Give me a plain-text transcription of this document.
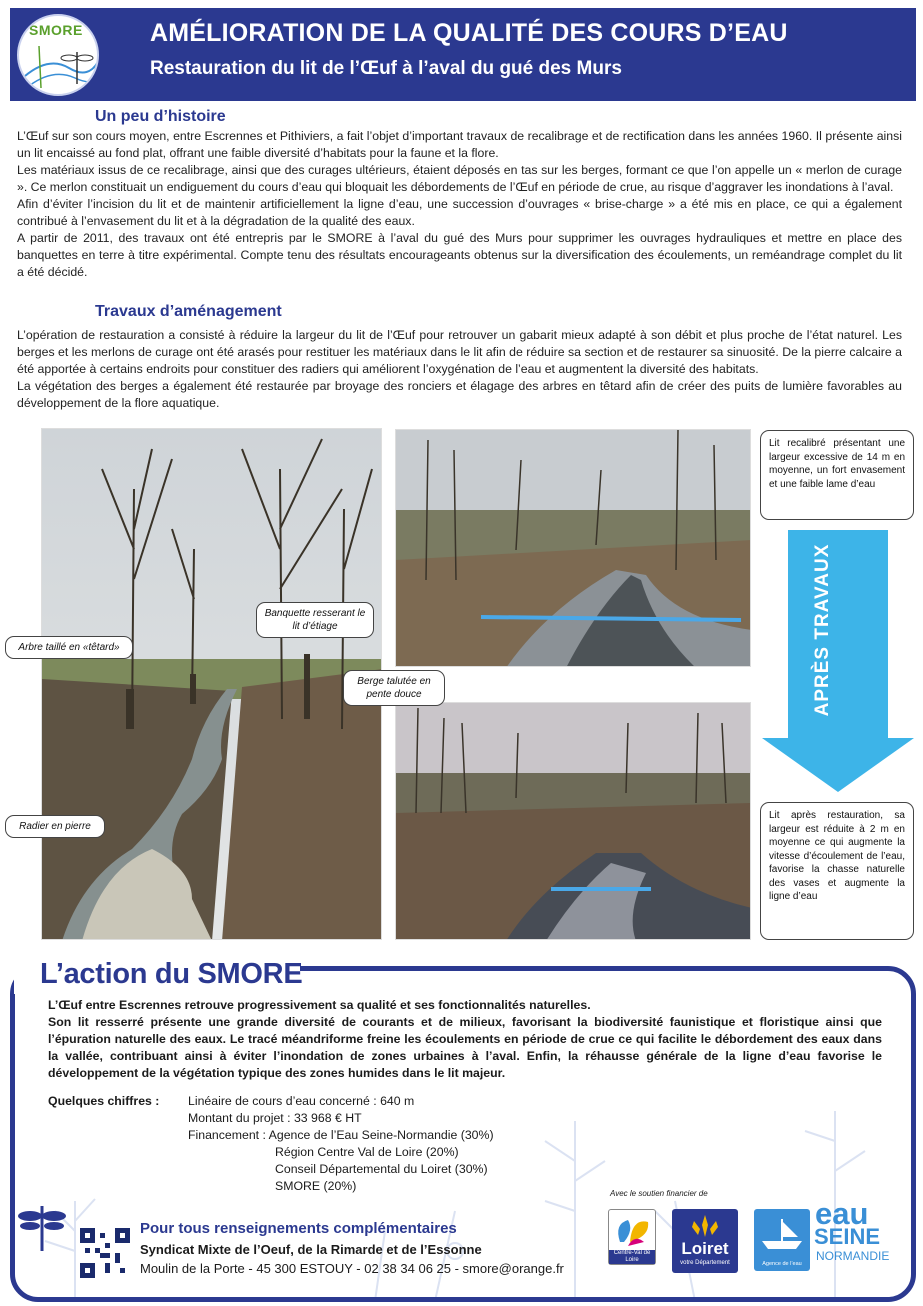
SMORE	AMÉLIORATION DE LA QUALITÉ DES COURS D’EAU
Restauration du lit de l’Œuf à l’aval du gué des Murs
Un peu d’histoire

L’Œuf sur son cours moyen, entre Escrennes et Pithiviers, a fait l’objet d’important travaux de recalibrage et de rectification dans les années 1960. Il présente ainsi un lit encaissé au fond plat, offrant une faible diversité d’habitats pour la faune et la flore.

Les matériaux issus de ce recalibrage, ainsi que des curages ultérieurs, étaient déposés en tas sur les berges, formant ce que l’on appelle un « merlon de curage ». Ce merlon constituait un endiguement du cours d’eau qui bloquait les débordements de l’Œuf en période de crue, au risque d’aggraver les inondations à l’aval.

Afin d’éviter l’incision du lit et de maintenir artificiellement la ligne d’eau, une succession d’ouvrages « brise-charge » a été mis en place, ce qui a également contribué à l’envasement du lit et à la dégradation de la qualité des eaux.

A partir de 2011, des travaux ont été entrepris par le SMORE à l’aval du gué des Murs pour supprimer les ouvrages hydrauliques et mettre en place des banquettes en terre à titre expérimental. Compte tenu des résultats encourageants obtenus sur la diversification des écoulements, un reméandrage complet du lit a été décidé.

Travaux d’aménagement

L’opération de restauration a consisté à réduire la largeur du lit de l’Œuf pour retrouver un gabarit mieux adapté à son débit et plus proche de l’état naturel. Les berges et les merlons de curage ont été arasés pour restituer les matériaux dans le lit afin de réduire sa section et de restaurer sa sinuosité. De la pierre calcaire a été apportée à certains endroits pour constituer des radiers qui améliorent l’oxygénation de l’eau et augmentent la diversité des habitats.

La végétation des berges a également été restaurée par broyage des ronciers et élagage des arbres en têtard afin de créer des puits de lumière favorables au développement de la flore aquatique.

Arbre taillé en «têtard»
Banquette resserant le lit d’étiage
Berge talutée en pente douce
Radier en pierre
Lit recalibré présentant une largeur excessive de 14 m en moyenne, un fort envasement et une faible lame d’eau
Lit après restauration, sa largeur est réduite à 2 m en moyenne ce qui augmente la vitesse d’écoulement de l’eau, favorise la chasse naturelle des vases et augmente la ligne d’eau
APRÈS TRAVAUX
L’action du SMORE

L’Œuf entre Escrennes retrouve progressivement sa qualité et ses fonctionnalités naturelles.

Son lit resserré présente une grande diversité de courants et de milieux, favorisant la biodiversité faunistique et floristique ainsi que l’épuration naturelle des eaux. Le tracé méandriforme freine les écoulements en période de crue ce qui facilite le débordement des eaux dans la vallée, contribuant ainsi à éviter l’inondation de zones urbaines à l’aval. Enfin, la réhausse générale de la ligne d’eau favorise le développement de la végétation typique des zones humides dans le lit majeur.

Quelques chiffres : Linéaire de cours d’eau concerné : 640 m
Montant du projet : 33 968 € HT
Financement : Agence de l’Eau Seine-Normandie (30%)
Région Centre Val de Loire (20%)
Conseil Départemental du Loiret (30%)
SMORE (20%)
Pour tous renseignements complémentaires
Syndicat Mixte de l’Oeuf, de la Rimarde et de l’Essonne
Moulin de la Porte - 45 300 ESTOUY - 02 38 34 06 25 - smore@orange.fr
Avec le soutien financier de
Centre-Val de Loire
Loiret
votre Département	Agence de l’eau
eau
SEINE
NORMANDIE
